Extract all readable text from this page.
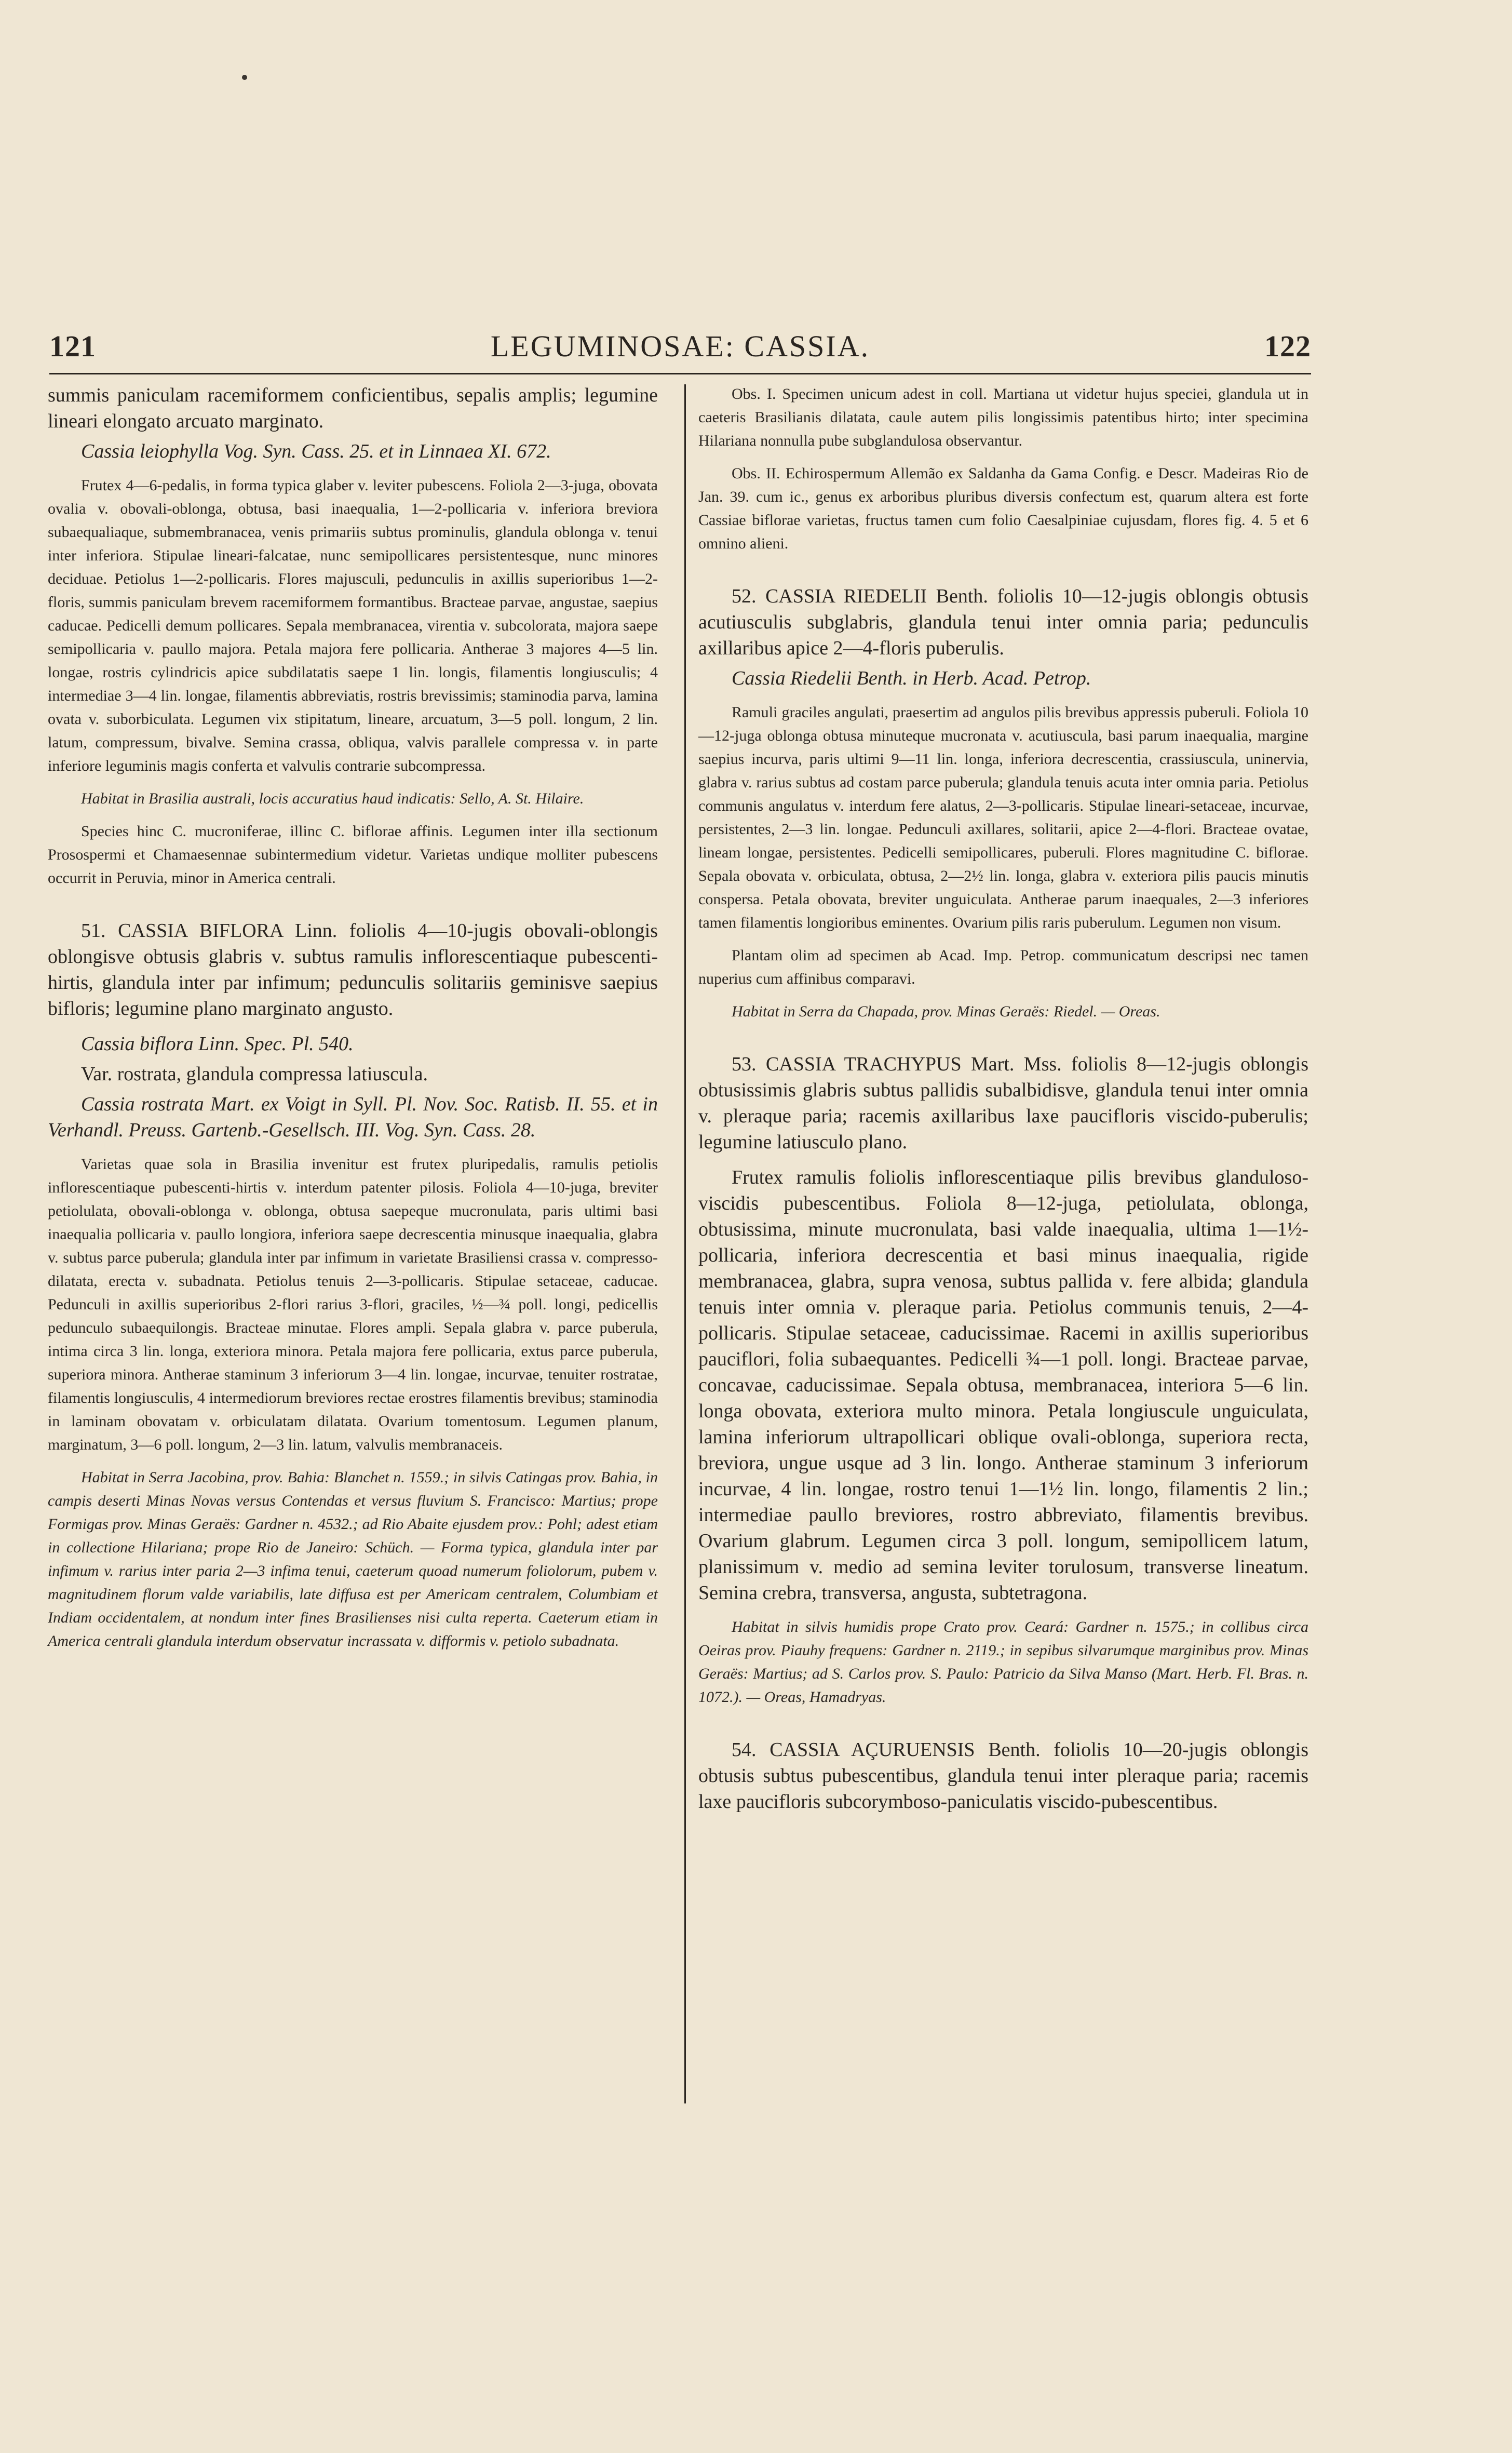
121	LEGUMINOSAE: CASSIA.	122

summis paniculam racemiformem conficientibus, sepalis amplis; legumine lineari elongato arcuato marginato.

Cassia leiophylla Vog. Syn. Cass. 25. et in Linnaea XI. 672.

Frutex 4—6-pedalis, in forma typica glaber v. leviter pubescens. Foliola 2—3-juga, obovata ovalia v. obovali-oblonga, obtusa, basi inaequalia, 1—2-pollicaria v. inferiora breviora subaequaliaque, submembranacea, venis primariis subtus prominulis, glandula oblonga v. tenui inter inferiora. Stipulae lineari-falcatae, nunc semipollicares persistentesque, nunc minores deciduae. Petiolus 1—2-pollicaris. Flores majusculi, pedunculis in axillis superioribus 1—2-floris, summis paniculam brevem racemiformem formantibus. Bracteae parvae, angustae, saepius caducae. Pedicelli demum pollicares. Sepala membranacea, virentia v. subcolorata, majora saepe semipollicaria v. paullo majora. Petala majora fere pollicaria. Antherae 3 majores 4—5 lin. longae, rostris cylindricis apice subdilatatis saepe 1 lin. longis, filamentis longiusculis; 4 intermediae 3—4 lin. longae, filamentis abbreviatis, rostris brevissimis; staminodia parva, lamina ovata v. suborbiculata. Legumen vix stipitatum, lineare, arcuatum, 3—5 poll. longum, 2 lin. latum, compressum, bivalve. Semina crassa, obliqua, valvis parallele compressa v. in parte inferiore leguminis magis conferta et valvulis contrarie subcompressa.

Habitat in Brasilia australi, locis accuratius haud indicatis: Sello, A. St. Hilaire.

Species hinc C. mucroniferae, illinc C. biflorae affinis. Legumen inter illa sectionum Prosospermi et Chamaesennae subintermedium videtur. Varietas undique molliter pubescens occurrit in Peruvia, minor in America centrali.

51. CASSIA BIFLORA Linn. foliolis 4—10-jugis obovali-oblongis oblongisve obtusis glabris v. subtus ramulis inflorescentiaque pubescenti-hirtis, glandula inter par infimum; pedunculis solitariis geminisve saepius bifloris; legumine plano marginato angusto.

Cassia biflora Linn. Spec. Pl. 540.

Var. rostrata, glandula compressa latiuscula.

Cassia rostrata Mart. ex Voigt in Syll. Pl. Nov. Soc. Ratisb. II. 55. et in Verhandl. Preuss. Gartenb.-Gesellsch. III. Vog. Syn. Cass. 28.

Varietas quae sola in Brasilia invenitur est frutex pluripedalis, ramulis petiolis inflorescentiaque pubescenti-hirtis v. interdum patenter pilosis. Foliola 4—10-juga, breviter petiolulata, obovali-oblonga v. oblonga, obtusa saepeque mucronulata, paris ultimi basi inaequalia pollicaria v. paullo longiora, inferiora saepe decrescentia minusque inaequalia, glabra v. subtus parce puberula; glandula inter par infimum in varietate Brasiliensi crassa v. compresso-dilatata, erecta v. subadnata. Petiolus tenuis 2—3-pollicaris. Stipulae setaceae, caducae. Pedunculi in axillis superioribus 2-flori rarius 3-flori, graciles, ½—¾ poll. longi, pedicellis pedunculo subaequilongis. Bracteae minutae. Flores ampli. Sepala glabra v. parce puberula, intima circa 3 lin. longa, exteriora minora. Petala majora fere pollicaria, extus parce puberula, superiora minora. Antherae staminum 3 inferiorum 3—4 lin. longae, incurvae, tenuiter rostratae, filamentis longiusculis, 4 intermediorum breviores rectae erostres filamentis brevibus; staminodia in laminam obovatam v. orbiculatam dilatata. Ovarium tomentosum. Legumen planum, marginatum, 3—6 poll. longum, 2—3 lin. latum, valvulis membranaceis.

Habitat in Serra Jacobina, prov. Bahia: Blanchet n. 1559.; in silvis Catingas prov. Bahia, in campis deserti Minas Novas versus Contendas et versus fluvium S. Francisco: Martius; prope Formigas prov. Minas Geraës: Gardner n. 4532.; ad Rio Abaite ejusdem prov.: Pohl; adest etiam in collectione Hilariana; prope Rio de Janeiro: Schüch. — Forma typica, glandula inter par infimum v. rarius inter paria 2—3 infima tenui, caeterum quoad numerum foliolorum, pubem v. magnitudinem florum valde variabilis, late diffusa est per Americam centralem, Columbiam et Indiam occidentalem, at nondum inter fines Brasilienses nisi culta reperta. Caeterum etiam in America centrali glandula interdum observatur incrassata v. difformis v. petiolo subadnata.

Obs. I. Specimen unicum adest in coll. Martiana ut videtur hujus speciei, glandula ut in caeteris Brasilianis dilatata, caule autem pilis longissimis patentibus hirto; inter specimina Hilariana nonnulla pube subglandulosa observantur.

Obs. II. Echirospermum Allemão ex Saldanha da Gama Config. e Descr. Madeiras Rio de Jan. 39. cum ic., genus ex arboribus pluribus diversis confectum est, quarum altera est forte Cassiae biflorae varietas, fructus tamen cum folio Caesalpiniae cujusdam, flores fig. 4. 5 et 6 omnino alieni.

52. CASSIA RIEDELII Benth. foliolis 10—12-jugis oblongis obtusis acutiusculis subglabris, glandula tenui inter omnia paria; pedunculis axillaribus apice 2—4-floris puberulis.

Cassia Riedelii Benth. in Herb. Acad. Petrop.

Ramuli graciles angulati, praesertim ad angulos pilis brevibus appressis puberuli. Foliola 10—12-juga oblonga obtusa minuteque mucronata v. acutiuscula, basi parum inaequalia, margine saepius incurva, paris ultimi 9—11 lin. longa, inferiora decrescentia, crassiuscula, uninervia, glabra v. rarius subtus ad costam parce puberula; glandula tenuis acuta inter omnia paria. Petiolus communis angulatus v. interdum fere alatus, 2—3-pollicaris. Stipulae lineari-setaceae, incurvae, persistentes, 2—3 lin. longae. Pedunculi axillares, solitarii, apice 2—4-flori. Bracteae ovatae, lineam longae, persistentes. Pedicelli semipollicares, puberuli. Flores magnitudine C. biflorae. Sepala obovata v. orbiculata, obtusa, 2—2½ lin. longa, glabra v. exteriora pilis paucis minutis conspersa. Petala obovata, breviter unguiculata. Antherae parum inaequales, 2—3 inferiores tamen filamentis longioribus eminentes. Ovarium pilis raris puberulum. Legumen non visum.

Plantam olim ad specimen ab Acad. Imp. Petrop. communicatum descripsi nec tamen nuperius cum affinibus comparavi.

Habitat in Serra da Chapada, prov. Minas Geraës: Riedel. — Oreas.

53. CASSIA TRACHYPUS Mart. Mss. foliolis 8—12-jugis oblongis obtusissimis glabris subtus pallidis subalbidisve, glandula tenui inter omnia v. pleraque paria; racemis axillaribus laxe paucifloris viscido-puberulis; legumine latiusculo plano.

Frutex ramulis foliolis inflorescentiaque pilis brevibus glanduloso-viscidis pubescentibus. Foliola 8—12-juga, petiolulata, oblonga, obtusissima, minute mucronulata, basi valde inaequalia, ultima 1—1½-pollicaria, inferiora decrescentia et basi minus inaequalia, rigide membranacea, glabra, supra venosa, subtus pallida v. fere albida; glandula tenuis inter omnia v. pleraque paria. Petiolus communis tenuis, 2—4-pollicaris. Stipulae setaceae, caducissimae. Racemi in axillis superioribus pauciflori, folia subaequantes. Pedicelli ¾—1 poll. longi. Bracteae parvae, concavae, caducissimae. Sepala obtusa, membranacea, interiora 5—6 lin. longa obovata, exteriora multo minora. Petala longiuscule unguiculata, lamina inferiorum ultrapollicari oblique ovali-oblonga, superiora recta, breviora, ungue usque ad 3 lin. longo. Antherae staminum 3 inferiorum incurvae, 4 lin. longae, rostro tenui 1—1½ lin. longo, filamentis 2 lin.; intermediae paullo breviores, rostro abbreviato, filamentis brevibus. Ovarium glabrum. Legumen circa 3 poll. longum, semipollicem latum, planissimum v. medio ad semina leviter torulosum, transverse lineatum. Semina crebra, transversa, angusta, subtetragona.

Habitat in silvis humidis prope Crato prov. Ceará: Gardner n. 1575.; in collibus circa Oeiras prov. Piauhy frequens: Gardner n. 2119.; in sepibus silvarumque marginibus prov. Minas Geraës: Martius; ad S. Carlos prov. S. Paulo: Patricio da Silva Manso (Mart. Herb. Fl. Bras. n. 1072.). — Oreas, Hamadryas.

54. CASSIA AÇURUENSIS Benth. foliolis 10—20-jugis oblongis obtusis subtus pubescentibus, glandula tenui inter pleraque paria; racemis laxe paucifloris subcorymboso-paniculatis viscido-pubescentibus.
